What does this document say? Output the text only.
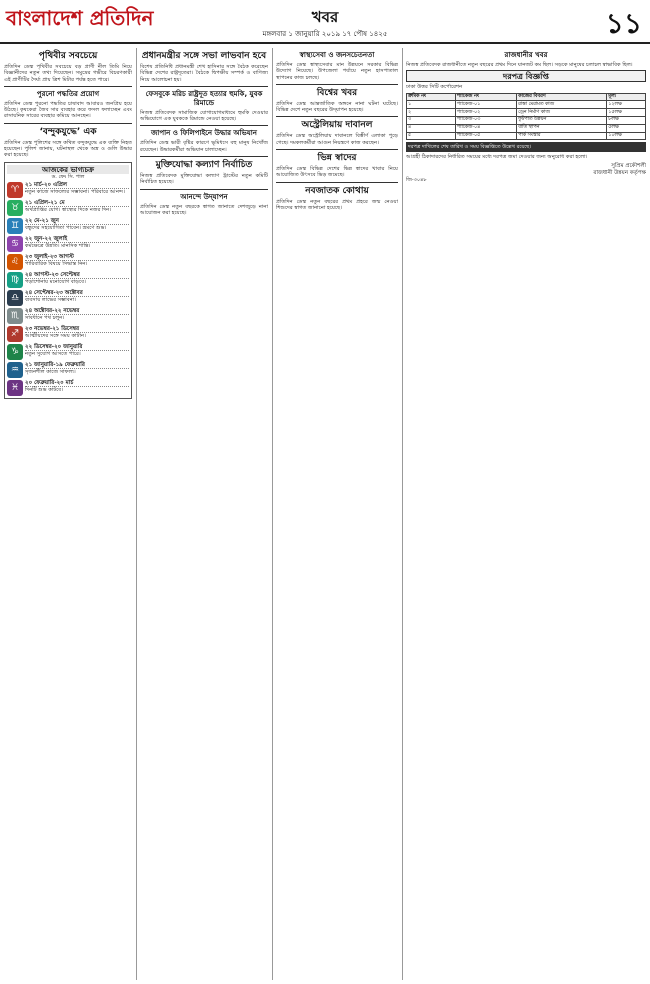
বাংলাদেশ প্রতিদিন	খবর
মঙ্গলবার ১ জানুয়ারি ২০১৯ ১৭ পৌষ ১৪২৫	১১
পৃথিবীর সবচেয়ে

প্রতিদিন ডেস্ক পৃথিবীর সবচেয়ে বড় প্রাণী নীল তিমি নিয়ে বিজ্ঞানীদের নতুন তথ্য দিয়েছেন। সমুদ্রের গভীরে বিচরণকারী এই প্রাণীটির দৈর্ঘ্য প্রায় ত্রিশ মিটার পর্যন্ত হতে পারে।

পুরনো পদ্ধতির প্রয়োগ

প্রতিদিন ডেস্ক পুরনো পদ্ধতির চাষাবাদ আবারও জনপ্রিয় হয়ে উঠছে। কৃষকেরা জৈব সার ব্যবহার করে ফসল ফলাচ্ছেন এবং রাসায়নিক সারের ব্যবহার কমিয়ে আনছেন।

‘বন্দুকযুদ্ধে’ এক

প্রতিদিন ডেস্ক পুলিশের সঙ্গে কথিত বন্দুকযুদ্ধে এক ব্যক্তি নিহত হয়েছেন। পুলিশ জানায়, ঘটনাস্থল থেকে অস্ত্র ও গুলি উদ্ধার করা হয়েছে।

আজকের ভাগ্যচক্র
ড. ফেং সি. পাল
♈	২১ মার্চ-২০ এপ্রিল
নতুন কাজে সাফল্যের সম্ভাবনা। পরিবারে আনন্দ।
♉	২১ এপ্রিল-২১ মে
অর্থপ্রাপ্তির যোগ। স্বাস্থ্যের দিকে নজর দিন।
♊	২২ মে-২১ জুন
বন্ধুদের সহযোগিতা পাবেন। ভ্রমণে শুভ।
♋	২২ জুন-২২ জুলাই
কর্মক্ষেত্রে উন্নতি। মানসিক শান্তি।
♌	২৩ জুলাই-২৩ আগস্ট
পারিবারিক বিষয়ে সিদ্ধান্ত নিন।
♍	২৪ আগস্ট-২৩ সেপ্টেম্বর
পড়াশোনায় মনোযোগ বাড়বে।
♎	২৪ সেপ্টেম্বর-২৩ অক্টোবর
ব্যবসায় লাভের সম্ভাবনা।
♏	২৪ অক্টোবর-২২ নভেম্বর
সাবধানে পথ চলুন।
♐	২৩ নভেম্বর-২১ ডিসেম্বর
আত্মীয়দের সঙ্গে সময় কাটান।
♑	২২ ডিসেম্বর-২০ জানুয়ারি
নতুন সুযোগ আসতে পারে।
♒	২১ জানুয়ারি-১৯ ফেব্রুয়ারি
সৃজনশীল কাজে সাফল্য।
♓	২০ ফেব্রুয়ারি-২০ মার্চ
দিনটি শুভ কাটবে।
প্রধানমন্ত্রীর সঙ্গে সভা লাভবান হবে

বিশেষ প্রতিনিধি প্রধানমন্ত্রী শেখ হাসিনার সঙ্গে বৈঠক করেছেন বিভিন্ন দেশের রাষ্ট্রদূতেরা। বৈঠকে দ্বিপক্ষীয় সম্পর্ক ও বাণিজ্য নিয়ে আলোচনা হয়।

ফেসবুকে মরিচ রাষ্ট্রদূত হত্যার হুমকি, যুবক রিমান্ডে

নিজস্ব প্রতিবেদক সামাজিক যোগাযোগমাধ্যমে হুমকি দেওয়ার অভিযোগে এক যুবককে রিমান্ডে নেওয়া হয়েছে।

জাপান ও ফিলিপাইনে উদ্ধার অভিযান

প্রতিদিন ডেস্ক ভারী বৃষ্টির কারণে ভূমিধসে বহু মানুষ নিখোঁজ রয়েছেন। উদ্ধারকর্মীরা অভিযান চালাচ্ছেন।

মুক্তিযোদ্ধা কল্যাণ নির্বাচিত

নিজস্ব প্রতিবেদক মুক্তিযোদ্ধা কল্যাণ ট্রাস্টের নতুন কমিটি নির্বাচিত হয়েছে।

আনন্দে উদ্‌যাপন

প্রতিদিন ডেস্ক নতুন বছরকে স্বাগত জানাতে দেশজুড়ে নানা আয়োজন করা হয়েছে।

স্বাস্থ্যসেবা ও জনসচেতনতা

প্রতিদিন ডেস্ক স্বাস্থ্যসেবার মান উন্নয়নে সরকার বিভিন্ন উদ্যোগ নিয়েছে। উপজেলা পর্যায়ে নতুন হাসপাতাল স্থাপনের কাজ চলছে।

বিশ্বের খবর

প্রতিদিন ডেস্ক আন্তর্জাতিক অঙ্গনে নানা ঘটনা ঘটেছে। বিভিন্ন দেশে নতুন বছরের উদ্‌যাপন হয়েছে।

অস্ট্রেলিয়ায় দাবানল

প্রতিদিন ডেস্ক অস্ট্রেলিয়ায় দাবানলে বিস্তীর্ণ এলাকা পুড়ে গেছে। দমকলকর্মীরা আগুন নিয়ন্ত্রণে কাজ করছেন।

ভিন্ন স্বাদের

প্রতিদিন ডেস্ক বিভিন্ন দেশের ভিন্ন স্বাদের খাবার নিয়ে আয়োজিত উৎসবে ভিড় জমেছে।

নবজাতক কোথায়

প্রতিদিন ডেস্ক নতুন বছরের প্রথম প্রহরে জন্ম নেওয়া শিশুদের স্বাগত জানানো হয়েছে।

রাজধানীর খবর

নিজস্ব প্রতিবেদক রাজধানীতে নতুন বছরের প্রথম দিনে যানজট কম ছিল। সড়কে মানুষের চলাচল স্বাভাবিক ছিল।

দরপত্র বিজ্ঞপ্তি

ঢাকা উত্তর সিটি কর্পোরেশন

ক্রমিক নং	প্যাকেজ নং	কাজের বিবরণ	মূল্য
১	প্যাকেজ-০১	রাস্তা মেরামত কাজ	১২লক্ষ
২	প্যাকেজ-০২	ড্রেন নির্মাণ কাজ	১৫লক্ষ
৩	প্যাকেজ-০৩	ফুটপাত উন্নয়ন	৮লক্ষ
৪	প্যাকেজ-০৪	বাতি স্থাপন	৫লক্ষ
৫	প্যাকেজ-০৫	পার্ক সংস্কার	১০লক্ষ
দরপত্র দাখিলের শেষ তারিখ ও সময় বিজ্ঞপ্তিতে উল্লেখ রয়েছে।

আগ্রহী ঠিকাদারদের নির্ধারিত সময়ের মধ্যে দরপত্র জমা দেওয়ার জন্য অনুরোধ করা হলো।

সুপ্রিম প্রকৌশলী
রাজধানী উন্নয়ন কর্তৃপক্ষ
জি-৩০৪৮
